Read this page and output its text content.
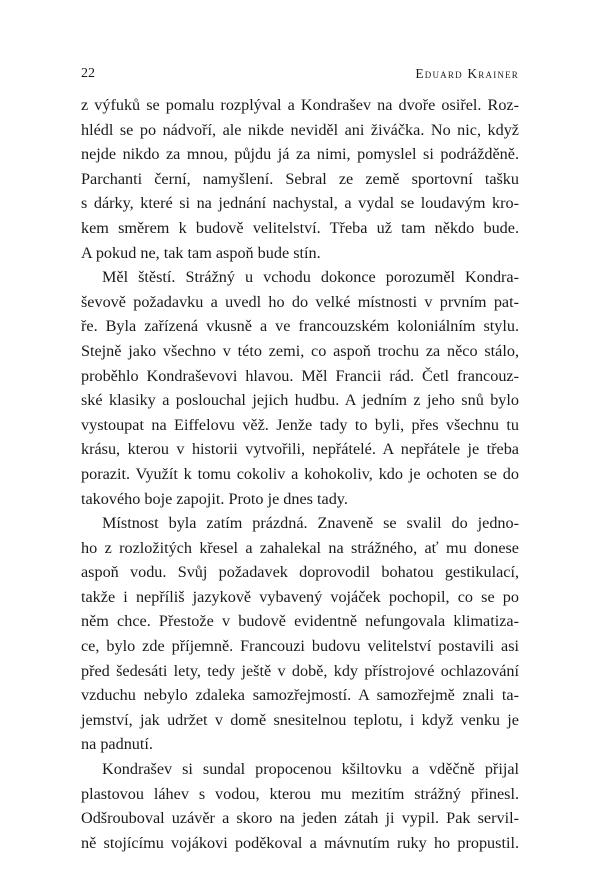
22	Eduard Krainer

z výfuků se pomalu rozplýval a Kondrašev na dvoře osiřel. Roz-
hlédl se po nádvoří, ale nikde neviděl ani živáčka. No nic, když
nejde nikdo za mnou, půjdu já za nimi, pomyslel si podrážděně.
Parchanti černí, namyšlení. Sebral ze země sportovní tašku
s dárky, které si na jednání nachystal, a vydal se loudavým kro-
kem směrem k budově velitelství. Třeba už tam někdo bude.
A pokud ne, tak tam aspoň bude stín.

Měl štěstí. Strážný u vchodu dokonce porozuměl Kondra-
ševově požadavku a uvedl ho do velké místnosti v prvním pat-
ře. Byla zařízená vkusně a ve francouzském koloniálním stylu.
Stejně jako všechno v této zemi, co aspoň trochu za něco stálo,
proběhlo Kondraševovi hlavou. Měl Francii rád. Četl francouz-
ské klasiky a poslouchal jejich hudbu. A jedním z jeho snů bylo
vystoupat na Eiffelovu věž. Jenže tady to byli, přes všechnu tu
krásu, kterou v historii vytvořili, nepřátelé. A nepřátele je třeba
porazit. Využít k tomu cokoliv a kohokoliv, kdo je ochoten se do
takového boje zapojit. Proto je dnes tady.

Místnost byla zatím prázdná. Znaveně se svalil do jedno-
ho z rozložitých křesel a zahalekal na strážného, ať mu donese
aspoň vodu. Svůj požadavek doprovodil bohatou gestikulací,
takže i nepříliš jazykově vybavený vojáček pochopil, co se po
něm chce. Přestože v budově evidentně nefungovala klimatiza-
ce, bylo zde příjemně. Francouzi budovu velitelství postavili asi
před šedesáti lety, tedy ještě v době, kdy přístrojové ochlazování
vzduchu nebylo zdaleka samozřejmostí. A samozřejmě znali ta-
jemství, jak udržet v domě snesitelnou teplotu, i když venku je
na padnutí.

Kondrašev si sundal propocenou kšiltovku a vděčně přijal
plastovou láhev s vodou, kterou mu mezitím strážný přinesl.
Odšrouboval uzávěr a skoro na jeden zátah ji vypil. Pak servil-
ně stojícímu vojákovi poděkoval a mávnutím ruky ho propustil.
